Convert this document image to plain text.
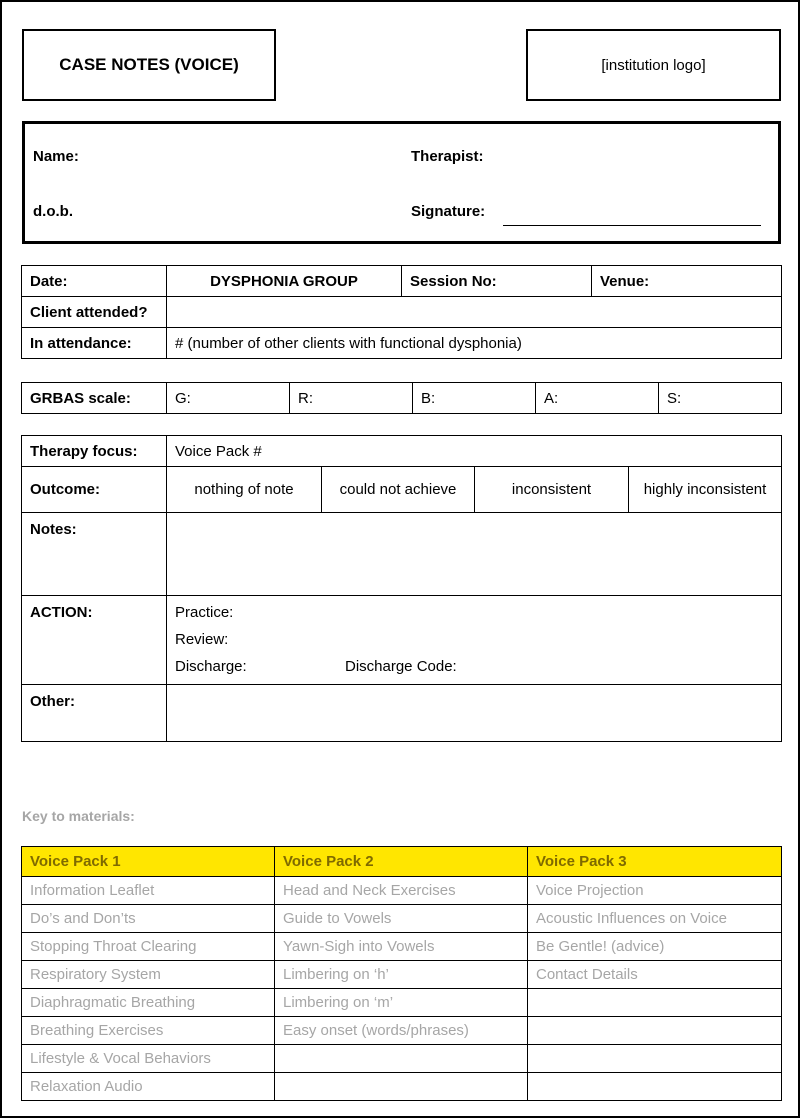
CASE NOTES (VOICE)	[institution logo]
Name:	Therapist:
d.o.b.	Signature:
Date:	DYSPHONIA GROUP	Session No:	Venue:
Client attended?			
In attendance:	# (number of other clients with functional dysphonia)		
GRBAS scale:	G:	R:	B:	A:	S:
Therapy focus:	Voice Pack #			
Outcome:	nothing of note	could not achieve	inconsistent	highly inconsistent
Notes:				
ACTION:	Practice:
Review:
Discharge: Discharge Code:			

Other:				
Key to materials:
Voice Pack 1	Voice Pack 2	Voice Pack 3
Information Leaflet	Head and Neck Exercises	Voice Projection
Do’s and Don’ts	Guide to Vowels	Acoustic Influences on Voice
Stopping Throat Clearing	Yawn-Sigh into Vowels	Be Gentle! (advice)
Respiratory System	Limbering on ‘h’	Contact Details
Diaphragmatic Breathing	Limbering on ‘m’	
Breathing Exercises	Easy onset (words/phrases)	
Lifestyle & Vocal Behaviors		
Relaxation Audio		
